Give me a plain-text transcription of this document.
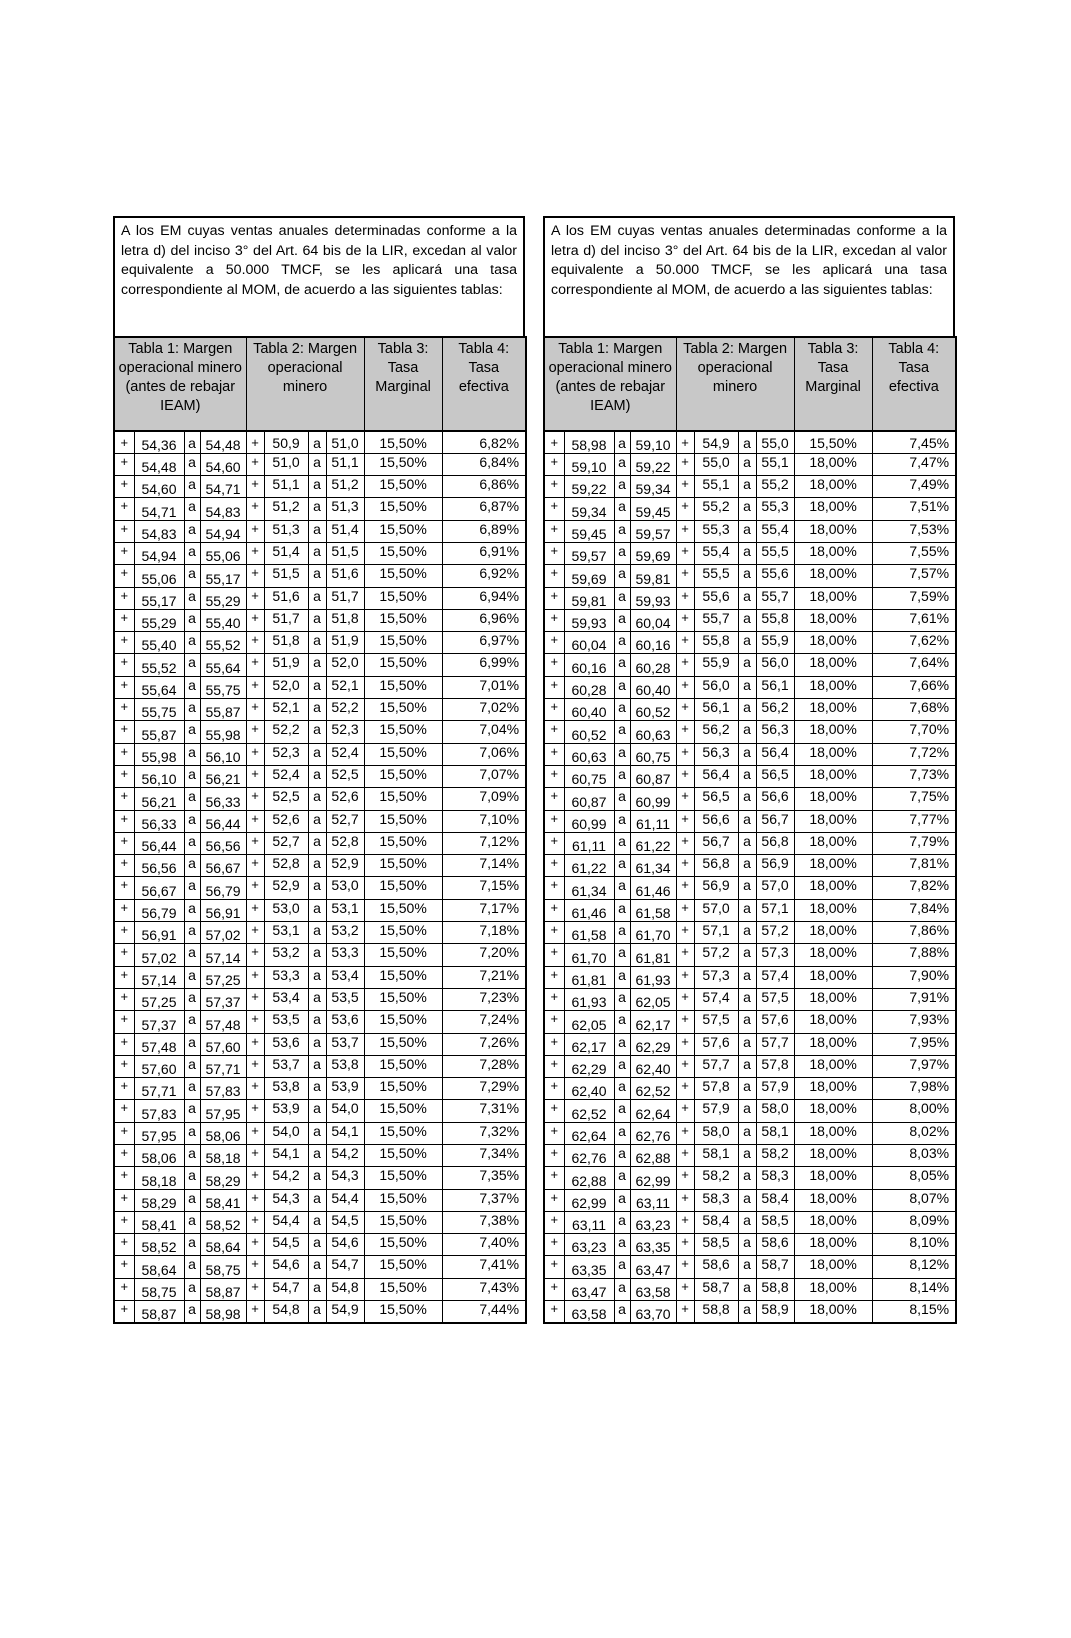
A los EM cuyas ventas anuales determinadas conforme a la letra d) del inciso 3° del Art. 64 bis de la LIR, excedan al valor equivalente a 50.000 TMCF, se les aplicará una tasa correspondiente al MOM, de acuerdo a las siguientes tablas:
Tabla 1: Margen operacional minero (antes de rebajar IEAM)				Tabla 2: Margen operacional minero				Tabla 3: Tasa Marginal	Tabla 4: Tasa efectiva
+	54,36	a	54,48	+	50,9	a	51,0	15,50%	6,82%
+	54,48	a	54,60	+	51,0	a	51,1	15,50%	6,84%
+	54,60	a	54,71	+	51,1	a	51,2	15,50%	6,86%
+	54,71	a	54,83	+	51,2	a	51,3	15,50%	6,87%
+	54,83	a	54,94	+	51,3	a	51,4	15,50%	6,89%
+	54,94	a	55,06	+	51,4	a	51,5	15,50%	6,91%
+	55,06	a	55,17	+	51,5	a	51,6	15,50%	6,92%
+	55,17	a	55,29	+	51,6	a	51,7	15,50%	6,94%
+	55,29	a	55,40	+	51,7	a	51,8	15,50%	6,96%
+	55,40	a	55,52	+	51,8	a	51,9	15,50%	6,97%
+	55,52	a	55,64	+	51,9	a	52,0	15,50%	6,99%
+	55,64	a	55,75	+	52,0	a	52,1	15,50%	7,01%
+	55,75	a	55,87	+	52,1	a	52,2	15,50%	7,02%
+	55,87	a	55,98	+	52,2	a	52,3	15,50%	7,04%
+	55,98	a	56,10	+	52,3	a	52,4	15,50%	7,06%
+	56,10	a	56,21	+	52,4	a	52,5	15,50%	7,07%
+	56,21	a	56,33	+	52,5	a	52,6	15,50%	7,09%
+	56,33	a	56,44	+	52,6	a	52,7	15,50%	7,10%
+	56,44	a	56,56	+	52,7	a	52,8	15,50%	7,12%
+	56,56	a	56,67	+	52,8	a	52,9	15,50%	7,14%
+	56,67	a	56,79	+	52,9	a	53,0	15,50%	7,15%
+	56,79	a	56,91	+	53,0	a	53,1	15,50%	7,17%
+	56,91	a	57,02	+	53,1	a	53,2	15,50%	7,18%
+	57,02	a	57,14	+	53,2	a	53,3	15,50%	7,20%
+	57,14	a	57,25	+	53,3	a	53,4	15,50%	7,21%
+	57,25	a	57,37	+	53,4	a	53,5	15,50%	7,23%
+	57,37	a	57,48	+	53,5	a	53,6	15,50%	7,24%
+	57,48	a	57,60	+	53,6	a	53,7	15,50%	7,26%
+	57,60	a	57,71	+	53,7	a	53,8	15,50%	7,28%
+	57,71	a	57,83	+	53,8	a	53,9	15,50%	7,29%
+	57,83	a	57,95	+	53,9	a	54,0	15,50%	7,31%
+	57,95	a	58,06	+	54,0	a	54,1	15,50%	7,32%
+	58,06	a	58,18	+	54,1	a	54,2	15,50%	7,34%
+	58,18	a	58,29	+	54,2	a	54,3	15,50%	7,35%
+	58,29	a	58,41	+	54,3	a	54,4	15,50%	7,37%
+	58,41	a	58,52	+	54,4	a	54,5	15,50%	7,38%
+	58,52	a	58,64	+	54,5	a	54,6	15,50%	7,40%
+	58,64	a	58,75	+	54,6	a	54,7	15,50%	7,41%
+	58,75	a	58,87	+	54,7	a	54,8	15,50%	7,43%
+	58,87	a	58,98	+	54,8	a	54,9	15,50%	7,44%
A los EM cuyas ventas anuales determinadas conforme a la letra d) del inciso 3° del Art. 64 bis de la LIR, excedan al valor equivalente a 50.000 TMCF, se les aplicará una tasa correspondiente al MOM, de acuerdo a las siguientes tablas:
Tabla 1: Margen operacional minero (antes de rebajar IEAM)				Tabla 2: Margen operacional minero				Tabla 3: Tasa Marginal	Tabla 4: Tasa efectiva
+	58,98	a	59,10	+	54,9	a	55,0	15,50%	7,45%
+	59,10	a	59,22	+	55,0	a	55,1	18,00%	7,47%
+	59,22	a	59,34	+	55,1	a	55,2	18,00%	7,49%
+	59,34	a	59,45	+	55,2	a	55,3	18,00%	7,51%
+	59,45	a	59,57	+	55,3	a	55,4	18,00%	7,53%
+	59,57	a	59,69	+	55,4	a	55,5	18,00%	7,55%
+	59,69	a	59,81	+	55,5	a	55,6	18,00%	7,57%
+	59,81	a	59,93	+	55,6	a	55,7	18,00%	7,59%
+	59,93	a	60,04	+	55,7	a	55,8	18,00%	7,61%
+	60,04	a	60,16	+	55,8	a	55,9	18,00%	7,62%
+	60,16	a	60,28	+	55,9	a	56,0	18,00%	7,64%
+	60,28	a	60,40	+	56,0	a	56,1	18,00%	7,66%
+	60,40	a	60,52	+	56,1	a	56,2	18,00%	7,68%
+	60,52	a	60,63	+	56,2	a	56,3	18,00%	7,70%
+	60,63	a	60,75	+	56,3	a	56,4	18,00%	7,72%
+	60,75	a	60,87	+	56,4	a	56,5	18,00%	7,73%
+	60,87	a	60,99	+	56,5	a	56,6	18,00%	7,75%
+	60,99	a	61,11	+	56,6	a	56,7	18,00%	7,77%
+	61,11	a	61,22	+	56,7	a	56,8	18,00%	7,79%
+	61,22	a	61,34	+	56,8	a	56,9	18,00%	7,81%
+	61,34	a	61,46	+	56,9	a	57,0	18,00%	7,82%
+	61,46	a	61,58	+	57,0	a	57,1	18,00%	7,84%
+	61,58	a	61,70	+	57,1	a	57,2	18,00%	7,86%
+	61,70	a	61,81	+	57,2	a	57,3	18,00%	7,88%
+	61,81	a	61,93	+	57,3	a	57,4	18,00%	7,90%
+	61,93	a	62,05	+	57,4	a	57,5	18,00%	7,91%
+	62,05	a	62,17	+	57,5	a	57,6	18,00%	7,93%
+	62,17	a	62,29	+	57,6	a	57,7	18,00%	7,95%
+	62,29	a	62,40	+	57,7	a	57,8	18,00%	7,97%
+	62,40	a	62,52	+	57,8	a	57,9	18,00%	7,98%
+	62,52	a	62,64	+	57,9	a	58,0	18,00%	8,00%
+	62,64	a	62,76	+	58,0	a	58,1	18,00%	8,02%
+	62,76	a	62,88	+	58,1	a	58,2	18,00%	8,03%
+	62,88	a	62,99	+	58,2	a	58,3	18,00%	8,05%
+	62,99	a	63,11	+	58,3	a	58,4	18,00%	8,07%
+	63,11	a	63,23	+	58,4	a	58,5	18,00%	8,09%
+	63,23	a	63,35	+	58,5	a	58,6	18,00%	8,10%
+	63,35	a	63,47	+	58,6	a	58,7	18,00%	8,12%
+	63,47	a	63,58	+	58,7	a	58,8	18,00%	8,14%
+	63,58	a	63,70	+	58,8	a	58,9	18,00%	8,15%
